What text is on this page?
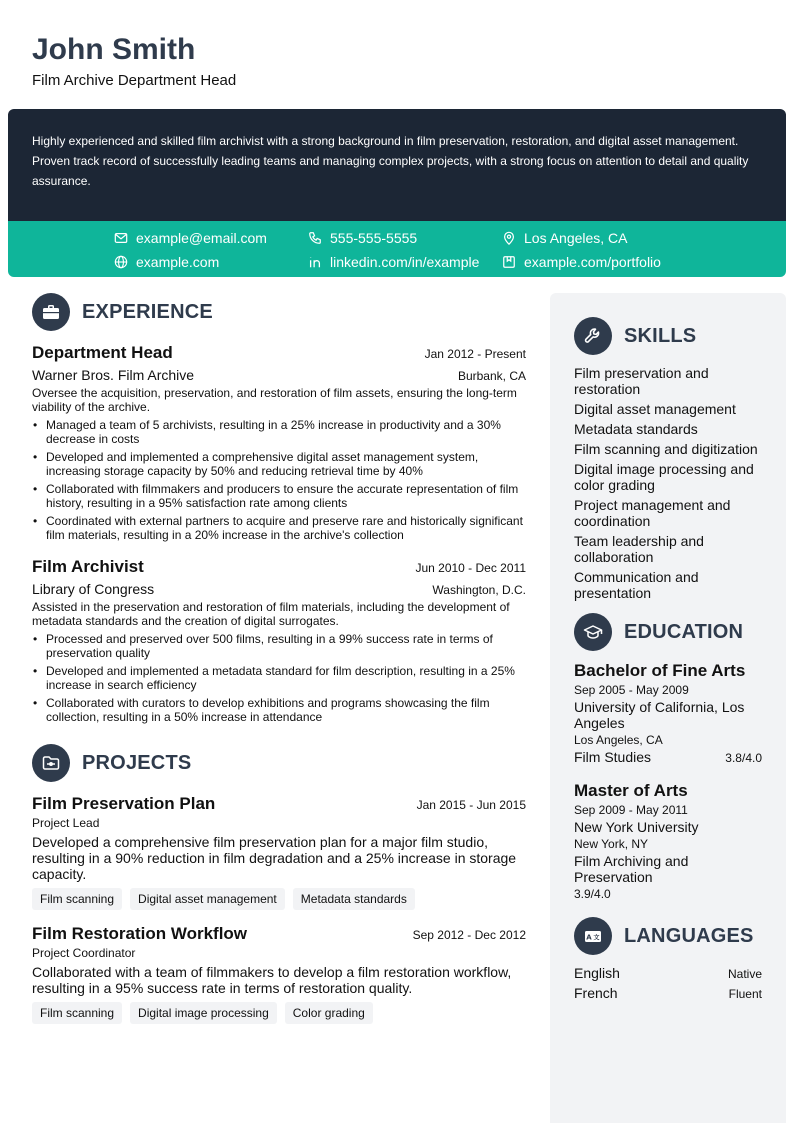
John Smith
Film Archive Department Head
Highly experienced and skilled film archivist with a strong background in film preservation, restoration, and digital asset management. Proven track record of successfully leading teams and managing complex projects, with a strong focus on attention to detail and quality assurance.
example@email.com	555-555-5555	Los Angeles, CA
example.com	linkedin.com/in/example	example.com/portfolio
EXPERIENCE
Department Head	Jan 2012 - Present
Warner Bros. Film Archive	Burbank, CA
Oversee the acquisition, preservation, and restoration of film assets, ensuring the long-term viability of the archive.
• Managed a team of 5 archivists, resulting in a 25% increase in productivity and a 30% decrease in costs
• Developed and implemented a comprehensive digital asset management system, increasing storage capacity by 50% and reducing retrieval time by 40%
• Collaborated with filmmakers and producers to ensure the accurate representation of film history, resulting in a 95% satisfaction rate among clients
• Coordinated with external partners to acquire and preserve rare and historically significant film materials, resulting in a 20% increase in the archive's collection
Film Archivist	Jun 2010 - Dec 2011
Library of Congress	Washington, D.C.
Assisted in the preservation and restoration of film materials, including the development of metadata standards and the creation of digital surrogates.
• Processed and preserved over 500 films, resulting in a 99% success rate in terms of preservation quality
• Developed and implemented a metadata standard for film description, resulting in a 25% increase in search efficiency
• Collaborated with curators to develop exhibitions and programs showcasing the film collection, resulting in a 50% increase in attendance
PROJECTS
Film Preservation Plan	Jan 2015 - Jun 2015
Project Lead
Developed a comprehensive film preservation plan for a major film studio, resulting in a 90% reduction in film degradation and a 25% increase in storage capacity.
Film scanning	Digital asset management	Metadata standards
Film Restoration Workflow	Sep 2012 - Dec 2012
Project Coordinator
Collaborated with a team of filmmakers to develop a film restoration workflow, resulting in a 95% success rate in terms of restoration quality.
Film scanning	Digital image processing	Color grading
SKILLS
Film preservation and restoration
Digital asset management
Metadata standards
Film scanning and digitization
Digital image processing and color grading
Project management and coordination
Team leadership and collaboration
Communication and presentation
EDUCATION
Bachelor of Fine Arts
Sep 2005 - May 2009
University of California, Los Angeles
Los Angeles, CA
Film Studies	3.8/4.0
Master of Arts
Sep 2009 - May 2011
New York University
New York, NY
Film Archiving and Preservation
3.9/4.0
A 文 LANGUAGES
English	Native
French	Fluent
